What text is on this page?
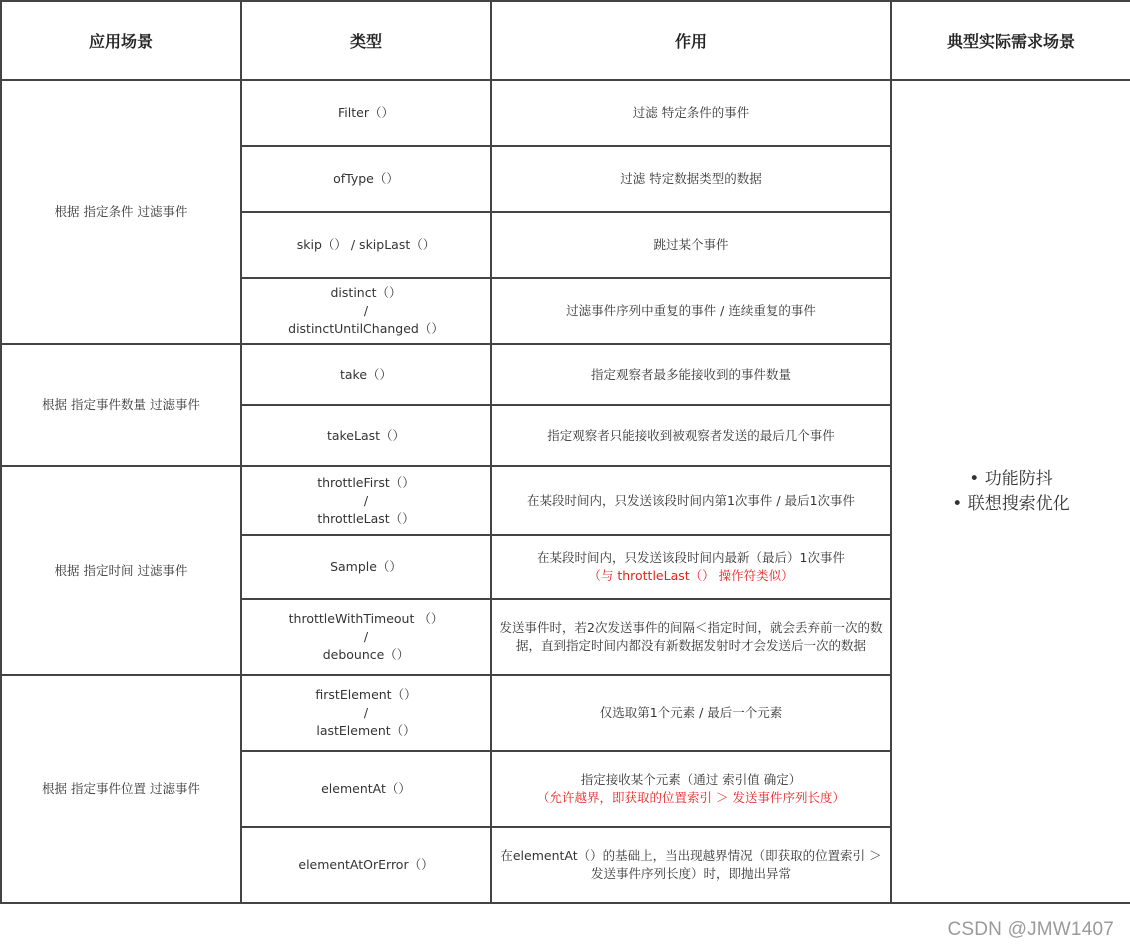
应用场景	类型	作用	典型实际需求场景
根据 指定条件 过滤事件	Filter（）	过滤 特定条件的事件	• 功能防抖
• 联想搜索优化

	ofType（）	过滤 特定数据类型的数据	

	skip（） / skipLast（）	跳过某个事件	

	distinct（）
/
distinctUntilChanged（）	过滤事件序列中重复的事件 / 连续重复的事件	

根据 指定事件数量 过滤事件	take（）	指定观察者最多能接收到的事件数量	

	takeLast（）	指定观察者只能接收到被观察者发送的最后几个事件	

根据 指定时间 过滤事件	throttleFirst（）
/
throttleLast（）	在某段时间内，只发送该段时间内第1次事件 / 最后1次事件	

	Sample（）	在某段时间内，只发送该段时间内最新（最后）1次事件
（与 throttleLast（） 操作符类似）	

	throttleWithTimeout （）
/
debounce（）	发送事件时，若2次发送事件的间隔＜指定时间，就会丢弃前一次的数据，直到指定时间内都没有新数据发射时才会发送后一次的数据	

根据 指定事件位置 过滤事件	firstElement（）
/
lastElement（）	仅选取第1个元素 / 最后一个元素	

	elementAt（）	指定接收某个元素（通过 索引值 确定）
（允许越界，即获取的位置索引 ＞ 发送事件序列长度）	

	elementAtOrError（）	在elementAt（）的基础上，当出现越界情况（即获取的位置索引 ＞ 发送事件序列长度）时，即抛出异常	
CSDN @JMW1407
